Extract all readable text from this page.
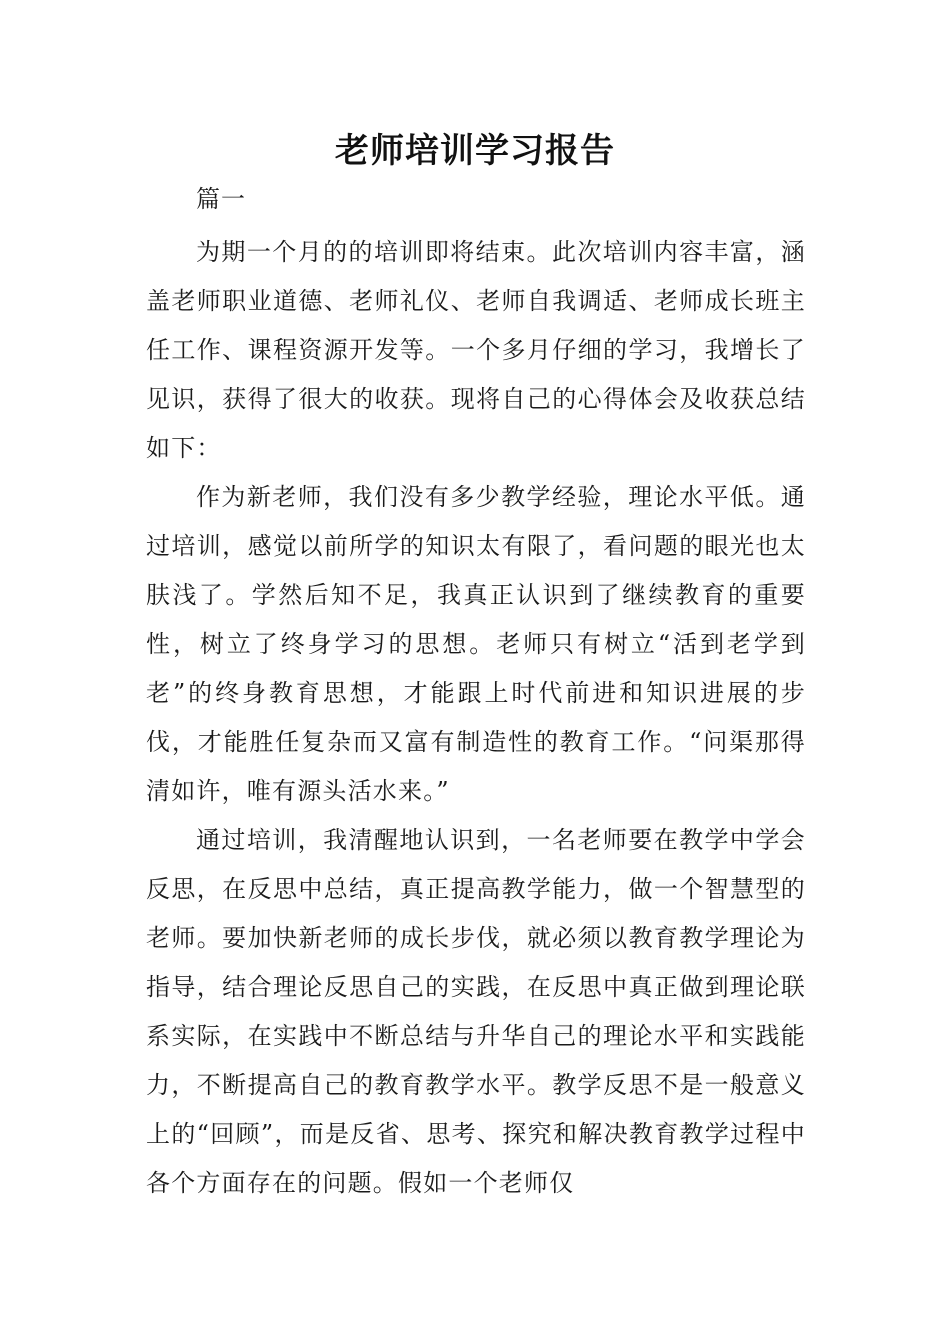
老师培训学习报告

篇一

为期一个月的的培训即将结束。此次培训内容丰富，涵盖老师职业道德、老师礼仪、老师自我调适、老师成长班主任工作、课程资源开发等。一个多月仔细的学习，我增长了见识，获得了很大的收获。现将自己的心得体会及收获总结如下：

作为新老师，我们没有多少教学经验，理论水平低。通过培训，感觉以前所学的知识太有限了，看问题的眼光也太肤浅了。学然后知不足，我真正认识到了继续教育的重要性，树立了终身学习的思想。老师只有树立“活到老学到老”的终身教育思想，才能跟上时代前进和知识进展的步伐，才能胜任复杂而又富有制造性的教育工作。“问渠那得清如许，唯有源头活水来。”

通过培训，我清醒地认识到，一名老师要在教学中学会反思，在反思中总结，真正提高教学能力，做一个智慧型的老师。要加快新老师的成长步伐，就必须以教育教学理论为指导，结合理论反思自己的实践，在反思中真正做到理论联系实际，在实践中不断总结与升华自己的理论水平和实践能力，不断提高自己的教育教学水平。教学反思不是一般意义上的“回顾”，而是反省、思考、探究和解决教育教学过程中各个方面存在的问题。假如一个老师仅
